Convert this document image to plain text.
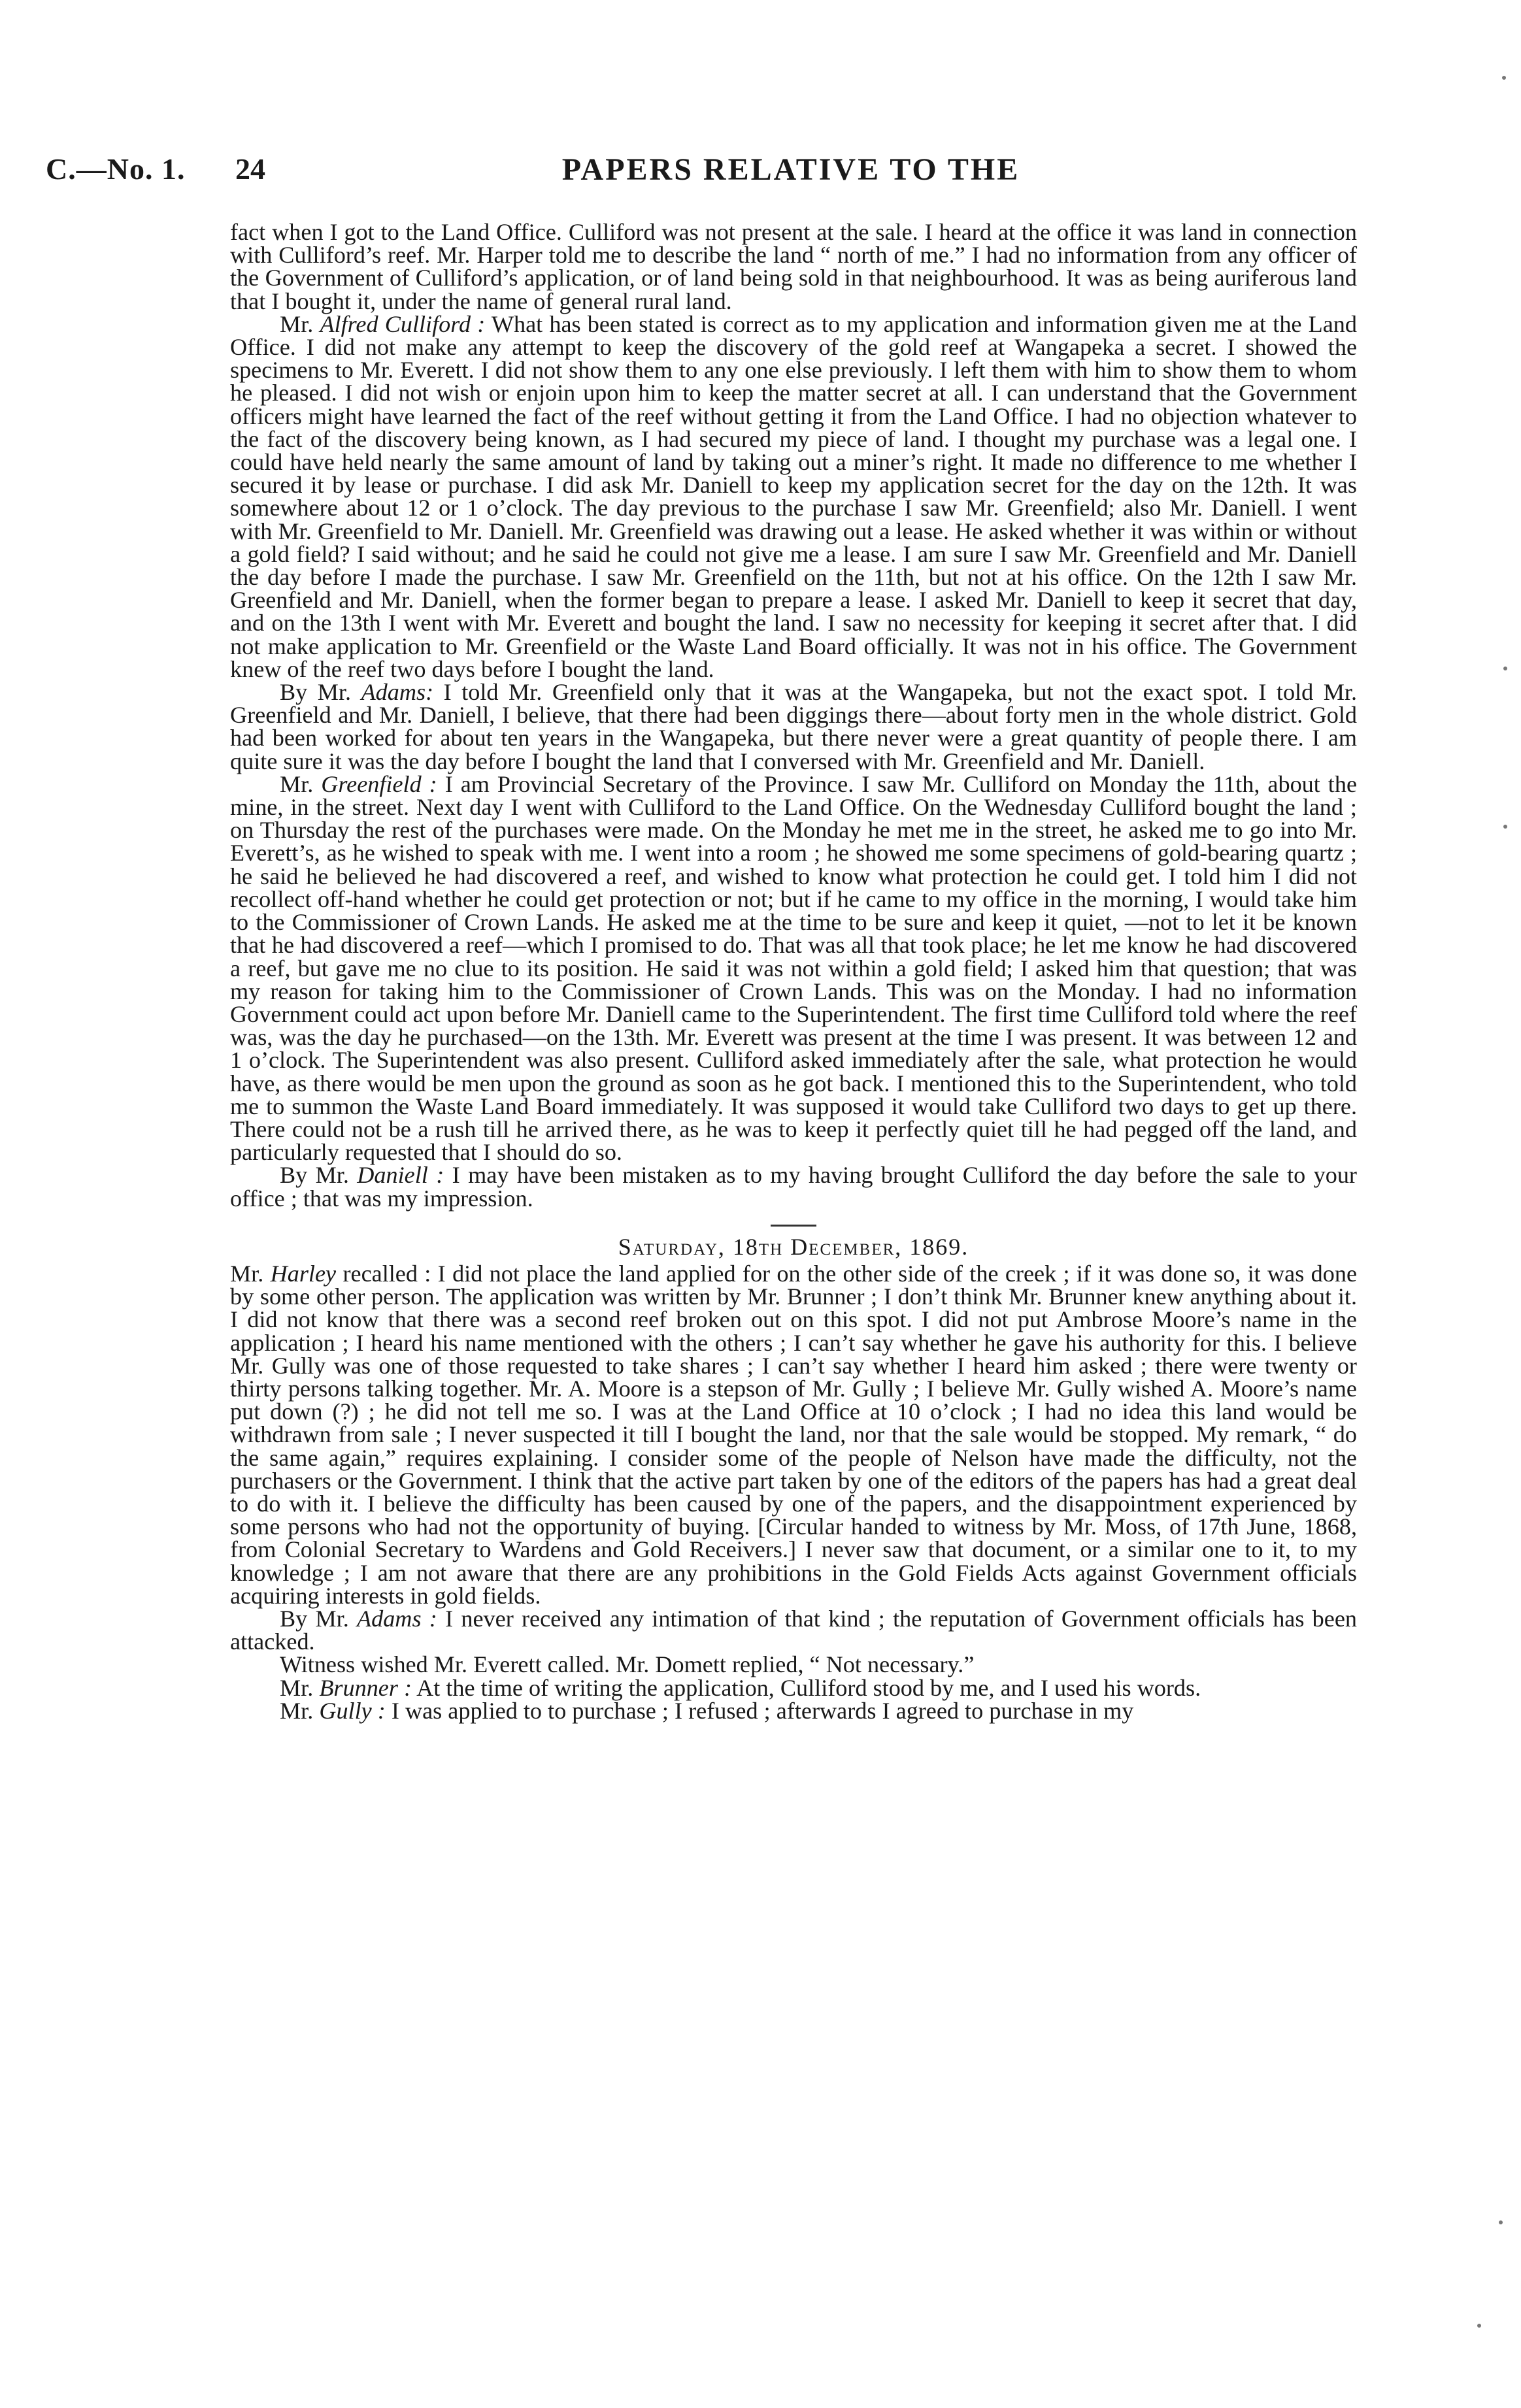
C.—No. 1. 24	PAPERS RELATIVE TO THE

fact when I got to the Land Office. Culliford was not present at the sale. I heard at the office it was land in connection with Culliford’s reef. Mr. Harper told me to describe the land “ north of me.” I had no information from any officer of the Government of Culliford’s application, or of land being sold in that neighbourhood. It was as being auriferous land that I bought it, under the name of general rural land.

Mr. Alfred Culliford : What has been stated is correct as to my application and information given me at the Land Office. I did not make any attempt to keep the discovery of the gold reef at Wangapeka a secret. I showed the specimens to Mr. Everett. I did not show them to any one else previously. I left them with him to show them to whom he pleased. I did not wish or enjoin upon him to keep the matter secret at all. I can understand that the Government officers might have learned the fact of the reef without getting it from the Land Office. I had no objection whatever to the fact of the discovery being known, as I had secured my piece of land. I thought my purchase was a legal one. I could have held nearly the same amount of land by taking out a miner’s right. It made no difference to me whether I secured it by lease or purchase. I did ask Mr. Daniell to keep my application secret for the day on the 12th. It was somewhere about 12 or 1 o’clock. The day previous to the purchase I saw Mr. Greenfield; also Mr. Daniell. I went with Mr. Greenfield to Mr. Daniell. Mr. Greenfield was drawing out a lease. He asked whether it was within or without a gold field? I said without; and he said he could not give me a lease. I am sure I saw Mr. Greenfield and Mr. Daniell the day before I made the purchase. I saw Mr. Greenfield on the 11th, but not at his office. On the 12th I saw Mr. Greenfield and Mr. Daniell, when the former began to prepare a lease. I asked Mr. Daniell to keep it secret that day, and on the 13th I went with Mr. Everett and bought the land. I saw no necessity for keeping it secret after that. I did not make application to Mr. Greenfield or the Waste Land Board officially. It was not in his office. The Government knew of the reef two days before I bought the land.

By Mr. Adams: I told Mr. Greenfield only that it was at the Wangapeka, but not the exact spot. I told Mr. Greenfield and Mr. Daniell, I believe, that there had been diggings there—about forty men in the whole district. Gold had been worked for about ten years in the Wangapeka, but there never were a great quantity of people there. I am quite sure it was the day before I bought the land that I conversed with Mr. Greenfield and Mr. Daniell.

Mr. Greenfield : I am Provincial Secretary of the Province. I saw Mr. Culliford on Monday the 11th, about the mine, in the street. Next day I went with Culliford to the Land Office. On the Wednesday Culliford bought the land ; on Thursday the rest of the purchases were made. On the Monday he met me in the street, he asked me to go into Mr. Everett’s, as he wished to speak with me. I went into a room ; he showed me some specimens of gold-bearing quartz ; he said he believed he had discovered a reef, and wished to know what protection he could get. I told him I did not recollect off-hand whether he could get protection or not; but if he came to my office in the morning, I would take him to the Commissioner of Crown Lands. He asked me at the time to be sure and keep it quiet, —not to let it be known that he had discovered a reef—which I promised to do. That was all that took place; he let me know he had discovered a reef, but gave me no clue to its position. He said it was not within a gold field; I asked him that question; that was my reason for taking him to the Commissioner of Crown Lands. This was on the Monday. I had no information Government could act upon before Mr. Daniell came to the Superintendent. The first time Culliford told where the reef was, was the day he purchased—on the 13th. Mr. Everett was present at the time I was present. It was between 12 and 1 o’clock. The Superintendent was also present. Culliford asked immediately after the sale, what protection he would have, as there would be men upon the ground as soon as he got back. I mentioned this to the Superintendent, who told me to summon the Waste Land Board immediately. It was supposed it would take Culliford two days to get up there. There could not be a rush till he arrived there, as he was to keep it perfectly quiet till he had pegged off the land, and particularly requested that I should do so.

By Mr. Daniell : I may have been mistaken as to my having brought Culliford the day before the sale to your office ; that was my impression.

Saturday, 18th December, 1869.

Mr. Harley recalled : I did not place the land applied for on the other side of the creek ; if it was done so, it was done by some other person. The application was written by Mr. Brunner ; I don’t think Mr. Brunner knew anything about it. I did not know that there was a second reef broken out on this spot. I did not put Ambrose Moore’s name in the application ; I heard his name mentioned with the others ; I can’t say whether he gave his authority for this. I believe Mr. Gully was one of those requested to take shares ; I can’t say whether I heard him asked ; there were twenty or thirty persons talking together. Mr. A. Moore is a stepson of Mr. Gully ; I believe Mr. Gully wished A. Moore’s name put down (?) ; he did not tell me so. I was at the Land Office at 10 o’clock ; I had no idea this land would be withdrawn from sale ; I never suspected it till I bought the land, nor that the sale would be stopped. My remark, “ do the same again,” requires explaining. I consider some of the people of Nelson have made the difficulty, not the purchasers or the Government. I think that the active part taken by one of the editors of the papers has had a great deal to do with it. I believe the difficulty has been caused by one of the papers, and the disappointment experienced by some persons who had not the opportunity of buying. [Circular handed to witness by Mr. Moss, of 17th June, 1868, from Colonial Secretary to Wardens and Gold Receivers.] I never saw that document, or a similar one to it, to my knowledge ; I am not aware that there are any prohibitions in the Gold Fields Acts against Government officials acquiring interests in gold fields.

By Mr. Adams : I never received any intimation of that kind ; the reputation of Government officials has been attacked.

Witness wished Mr. Everett called. Mr. Domett replied, “ Not necessary.”

Mr. Brunner : At the time of writing the application, Culliford stood by me, and I used his words.

Mr. Gully : I was applied to to purchase ; I refused ; afterwards I agreed to purchase in my
